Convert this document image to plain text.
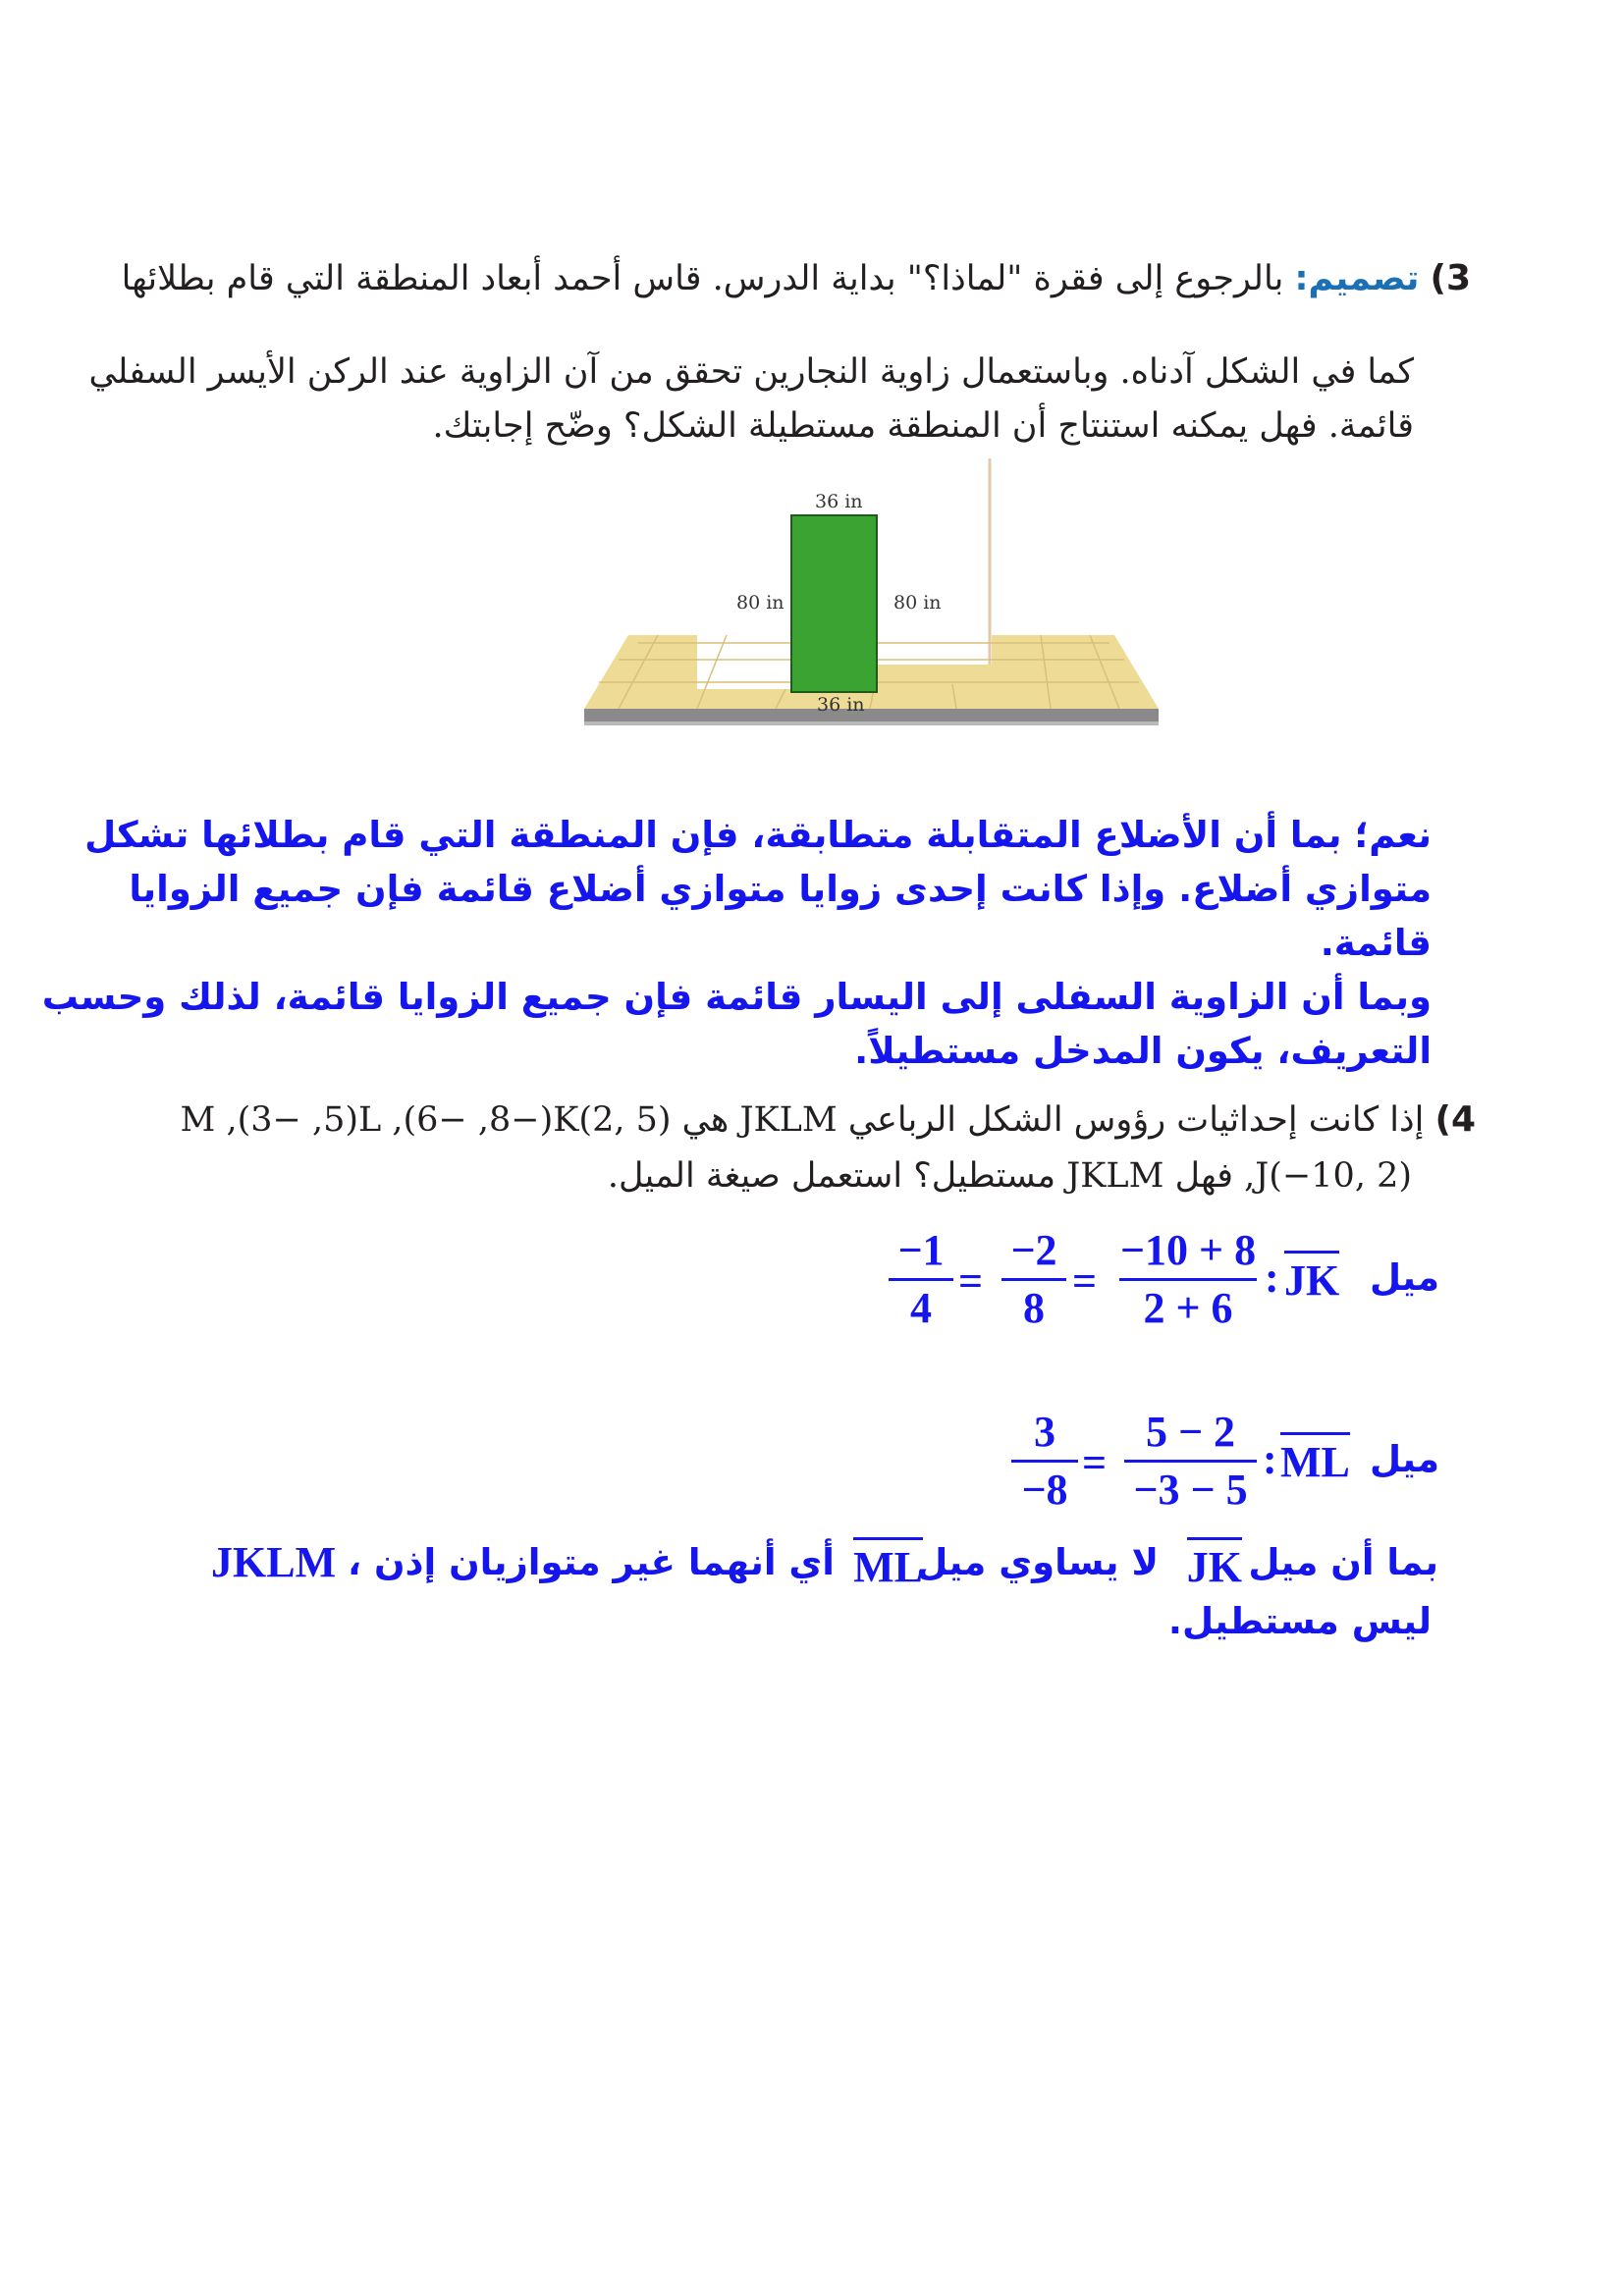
3) تصميم: بالرجوع إلى فقرة "لماذا؟" بداية الدرس. قاس أحمد أبعاد المنطقة التي قام بطلائها
كما في الشكل آدناه. وباستعمال زاوية النجارين تحقق من آن الزاوية عند الركن الأيسر السفلي
قائمة. فهل يمكنه استنتاج أن المنطقة مستطيلة الشكل؟ وضّح إجابتك.
36 in
36 in
80 in	80 in
نعم؛ بما أن الأضلاع المتقابلة متطابقة، فإن المنطقة التي قام بطلائها تشكل
متوازي أضلاع. وإذا كانت إحدى زوايا متوازي أضلاع قائمة فإن جميع الزوايا
قائمة.
وبما أن الزاوية السفلى إلى اليسار قائمة فإن جميع الزوايا قائمة، لذلك وحسب
التعريف، يكون المدخل مستطيلاً.
4) إذا كانت إحداثيات رؤوس الشكل الرباعي JKLM هي (5 ,2)M ,(3− ,5)L ,(6− ,8−)K
J(−10, 2), فهل JKLM مستطيل؟ استعمل صيغة الميل.
ميل
: JK
−10 + 8
2 + 6
=
−2
8
=
−1
4
ميل
: ML
5 − 2
−3 − 5
=
3
−8
بما أن ميل
JK
لا يساوي ميل
ML
، أي أنهما غير متوازيان إذن
JKLM
ليس مستطيل.
